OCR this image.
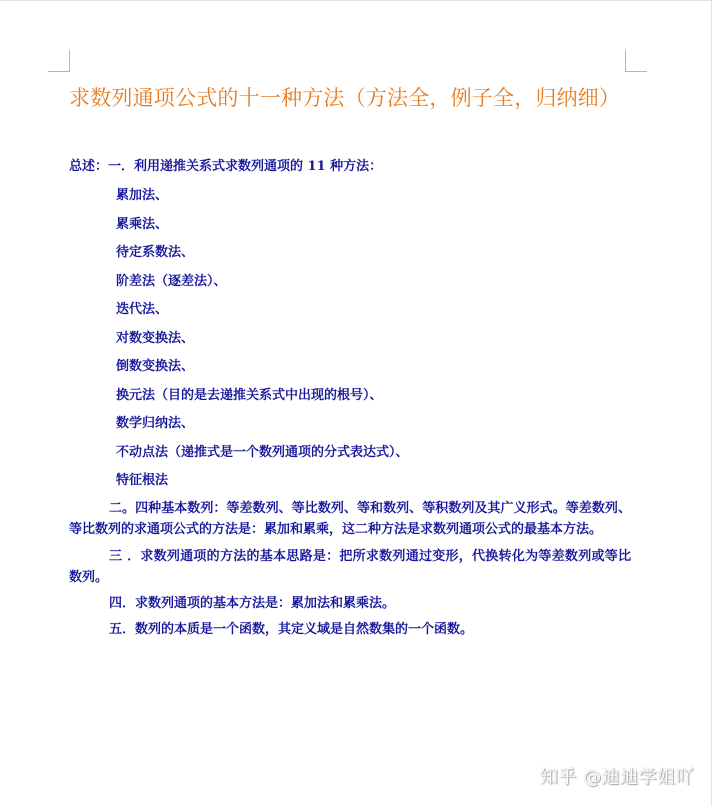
求数列通项公式的十一种方法（方法全，例子全，归纳细）
总述：一．利用递推关系式求数列通项的 11 种方法：
累加法、
累乘法、
待定系数法、
阶差法（逐差法）、
迭代法、
对数变换法、
倒数变换法、
换元法（目的是去递推关系式中出现的根号）、
数学归纳法、
不动点法（递推式是一个数列通项的分式表达式）、
特征根法

二。四种基本数列：等差数列、等比数列、等和数列、等积数列及其广义形式。等差数列、等比数列的求通项公式的方法是：累加和累乘，这二种方法是求数列通项公式的最基本方法。

三 ．求数列通项的方法的基本思路是：把所求数列通过变形，代换转化为等差数列或等比数列。

四．求数列通项的基本方法是：累加法和累乘法。

五．数列的本质是一个函数，其定义域是自然数集的一个函数。

知乎 @迪迪学姐吖
